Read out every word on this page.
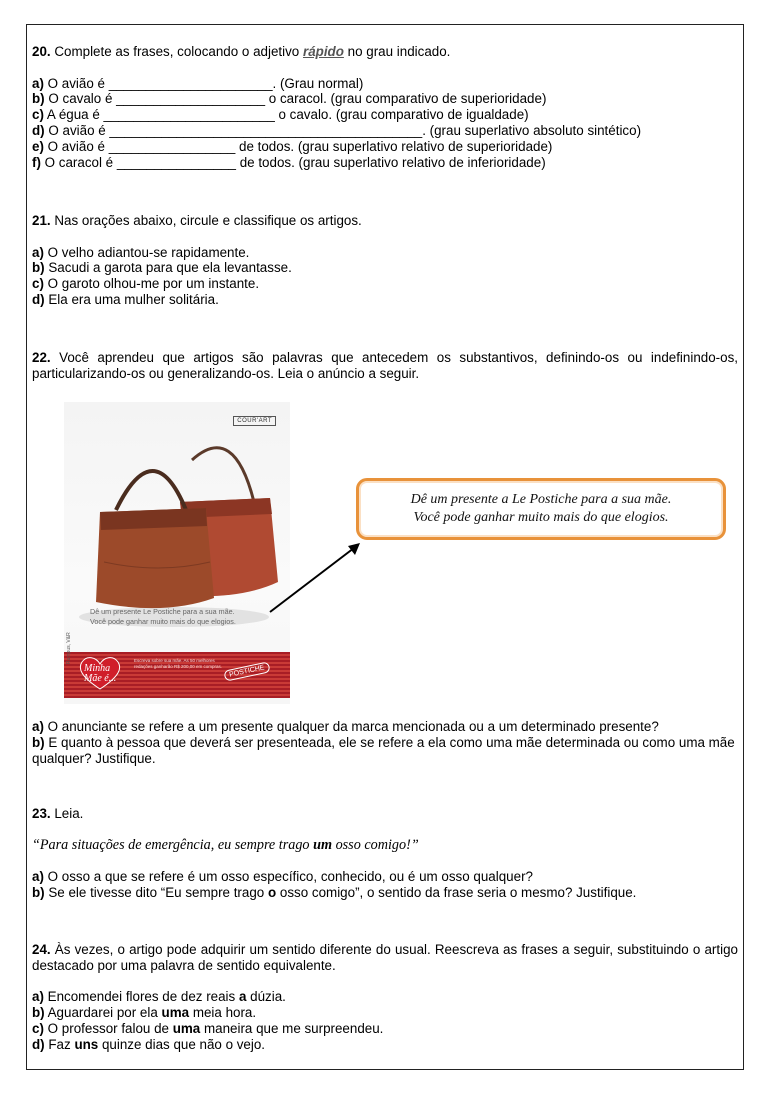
20. Complete as frases, colocando o adjetivo rápido no grau indicado.

a) O avião é ______________________. (Grau normal)

b) O cavalo é ____________________ o caracol. (grau comparativo de superioridade)

c) A égua é _______________________ o cavalo. (grau comparativo de igualdade)

d) O avião é __________________________________________. (grau superlativo absoluto sintético)

e) O avião é _________________ de todos. (grau superlativo relativo de superioridade)

f) O caracol é ________________ de todos. (grau superlativo relativo de inferioridade)

21. Nas orações abaixo, circule e classifique os artigos.

a) O velho adiantou-se rapidamente.

b) Sacudi a garota para que ela levantasse.

c) O garoto olhou-me por um instante.

d) Ela era uma mulher solitária.

22. Você aprendeu que artigos são palavras que antecedem os substantivos, definindo-os ou indefinindo-os, particularizando-os ou generalizando-os. Leia o anúncio a seguir.

COUR'ART
Dê um presente Le Postiche para a sua mãe.
Você pode ganhar muito mais do que elogios.
Minha
Mãe é...
Escreva sobre sua mãe. As 50 melhores redações ganharão R$ 200,00 em compras. POSTICHE
Rumpus, V&R
Dê um presente a Le Postiche para a sua mãe.
Você pode ganhar muito mais do que elogios.

a) O anunciante se refere a um presente qualquer da marca mencionada ou a um determinado presente?

b) E quanto à pessoa que deverá ser presenteada, ele se refere a ela como uma mãe determinada ou como uma mãe qualquer? Justifique.

23. Leia.

“Para situações de emergência, eu sempre trago um osso comigo!”

a) O osso a que se refere é um osso específico, conhecido, ou é um osso qualquer?

b) Se ele tivesse dito “Eu sempre trago o osso comigo”, o sentido da frase seria o mesmo? Justifique.

24. Às vezes, o artigo pode adquirir um sentido diferente do usual. Reescreva as frases a seguir, substituindo o artigo destacado por uma palavra de sentido equivalente.

a) Encomendei flores de dez reais a dúzia.

b) Aguardarei por ela uma meia hora.

c) O professor falou de uma maneira que me surpreendeu.

d) Faz uns quinze dias que não o vejo.
